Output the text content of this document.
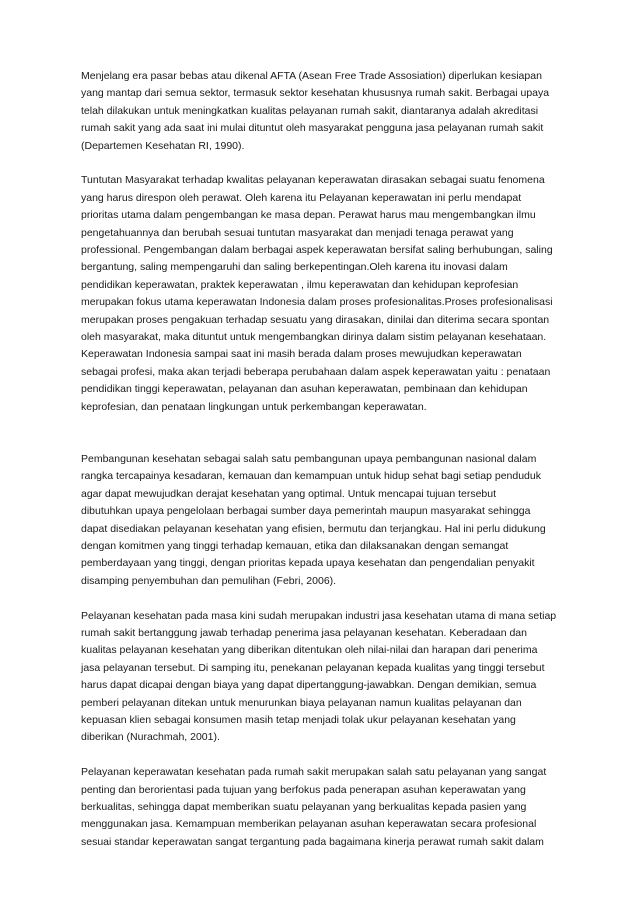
Menjelang era pasar bebas atau dikenal AFTA (Asean Free Trade Assosiation) diperlukan kesiapan
yang mantap dari semua sektor, termasuk sektor kesehatan khususnya rumah sakit. Berbagai upaya
telah dilakukan untuk meningkatkan kualitas pelayanan rumah sakit, diantaranya adalah akreditasi
rumah sakit yang ada saat ini mulai dituntut oleh masyarakat pengguna jasa pelayanan rumah sakit
(Departemen Kesehatan RI, 1990).

Tuntutan Masyarakat terhadap kwalitas pelayanan keperawatan dirasakan sebagai suatu fenomena
yang harus direspon oleh perawat. Oleh karena itu Pelayanan keperawatan ini perlu mendapat
prioritas utama dalam pengembangan ke masa depan. Perawat harus mau mengembangkan ilmu
pengetahuannya dan berubah sesuai tuntutan masyarakat dan menjadi tenaga perawat yang
professional. Pengembangan dalam berbagai aspek keperawatan bersifat saling berhubungan, saling
bergantung, saling mempengaruhi dan saling berkepentingan.Oleh karena itu inovasi dalam
pendidikan keperawatan, praktek keperawatan , ilmu keperawatan dan kehidupan keprofesian
merupakan fokus utama keperawatan Indonesia dalam proses profesionalitas.Proses profesionalisasi
merupakan proses pengakuan terhadap sesuatu yang dirasakan, dinilai dan diterima secara spontan
oleh masyarakat, maka dituntut untuk mengembangkan dirinya dalam sistim pelayanan kesehataan.
Keperawatan Indonesia sampai saat ini masih berada dalam proses mewujudkan keperawatan
sebagai profesi, maka akan terjadi beberapa perubahaan dalam aspek keperawatan yaitu : penataan
pendidikan tinggi keperawatan, pelayanan dan asuhan keperawatan, pembinaan dan kehidupan
keprofesian, dan penataan lingkungan untuk perkembangan keperawatan.

Pembangunan kesehatan sebagai salah satu pembangunan upaya pembangunan nasional dalam
rangka tercapainya kesadaran, kemauan dan kemampuan untuk hidup sehat bagi setiap penduduk
agar dapat mewujudkan derajat kesehatan yang optimal. Untuk mencapai tujuan tersebut
dibutuhkan upaya pengelolaan berbagai sumber daya pemerintah maupun masyarakat sehingga
dapat disediakan pelayanan kesehatan yang efisien, bermutu dan terjangkau. Hal ini perlu didukung
dengan komitmen yang tinggi terhadap kemauan, etika dan dilaksanakan dengan semangat
pemberdayaan yang tinggi, dengan prioritas kepada upaya kesehatan dan pengendalian penyakit
disamping penyembuhan dan pemulihan (Febri, 2006).

Pelayanan kesehatan pada masa kini sudah merupakan industri jasa kesehatan utama di mana setiap
rumah sakit bertanggung jawab terhadap penerima jasa pelayanan kesehatan. Keberadaan dan
kualitas pelayanan kesehatan yang diberikan ditentukan oleh nilai-nilai dan harapan dari penerima
jasa pelayanan tersebut. Di samping itu, penekanan pelayanan kepada kualitas yang tinggi tersebut
harus dapat dicapai dengan biaya yang dapat dipertanggung-jawabkan. Dengan demikian, semua
pemberi pelayanan ditekan untuk menurunkan biaya pelayanan namun kualitas pelayanan dan
kepuasan klien sebagai konsumen masih tetap menjadi tolak ukur pelayanan kesehatan yang
diberikan (Nurachmah, 2001).

Pelayanan keperawatan kesehatan pada rumah sakit merupakan salah satu pelayanan yang sangat
penting dan berorientasi pada tujuan yang berfokus pada penerapan asuhan keperawatan yang
berkualitas, sehingga dapat memberikan suatu pelayanan yang berkualitas kepada pasien yang
menggunakan jasa. Kemampuan memberikan pelayanan asuhan keperawatan secara profesional
sesuai standar keperawatan sangat tergantung pada bagaimana kinerja perawat rumah sakit dalam
